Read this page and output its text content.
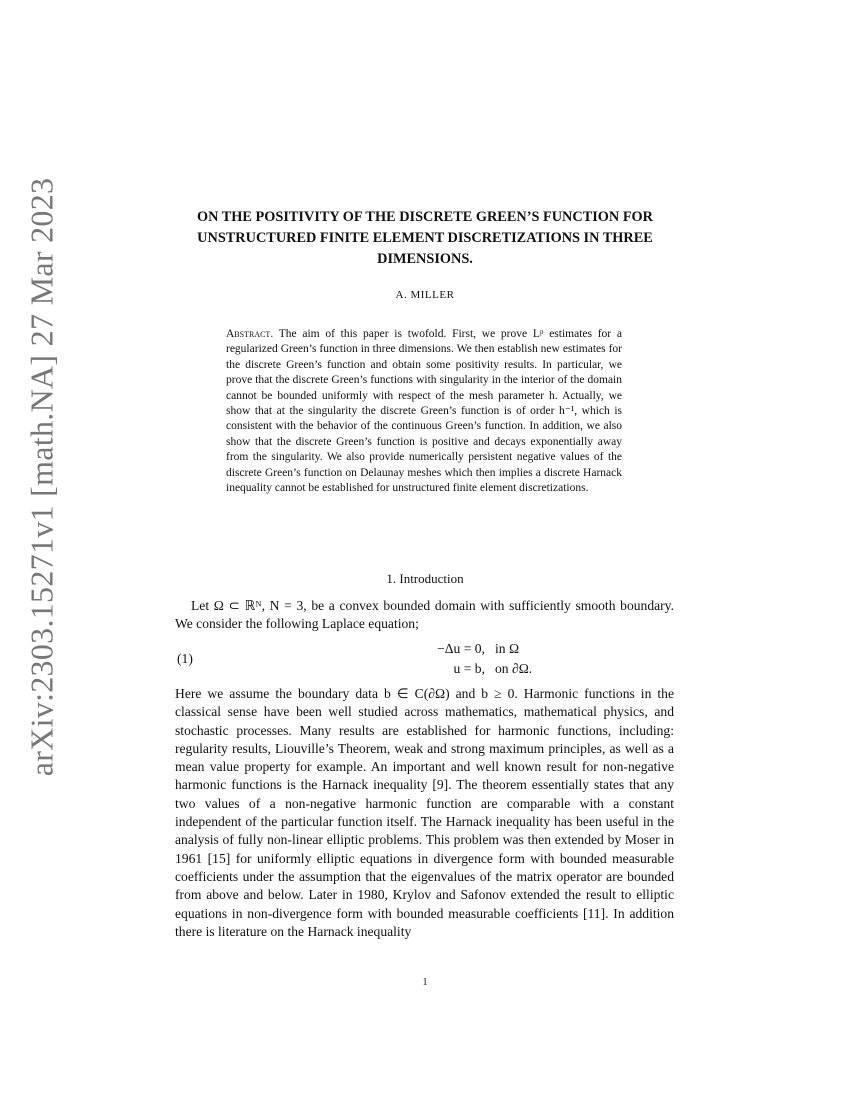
arXiv:2303.15271v1 [math.NA] 27 Mar 2023	ON THE POSITIVITY OF THE DISCRETE GREEN’S FUNCTION FOR UNSTRUCTURED FINITE ELEMENT DISCRETIZATIONS IN THREE DIMENSIONS.
A. MILLER

Abstract. The aim of this paper is twofold. First, we prove Lᵖ estimates for a regularized Green’s function in three dimensions. We then establish new estimates for the discrete Green’s function and obtain some positivity results. In particular, we prove that the discrete Green’s functions with singularity in the interior of the domain cannot be bounded uniformly with respect of the mesh parameter h. Actually, we show that at the singularity the discrete Green’s function is of order h⁻¹, which is consistent with the behavior of the continuous Green’s function. In addition, we also show that the discrete Green’s function is positive and decays exponentially away from the singularity. We also provide numerically persistent negative values of the discrete Green’s function on Delaunay meshes which then implies a discrete Harnack inequality cannot be established for unstructured finite element discretizations.

1. Introduction

Let Ω ⊂ ℝᴺ, N = 3, be a convex bounded domain with sufficiently smooth boundary. We consider the following Laplace equation;

(1)
−Δu = 0, in Ω
u = b, on ∂Ω.

Here we assume the boundary data b ∈ C(∂Ω) and b ≥ 0. Harmonic functions in the classical sense have been well studied across mathematics, mathematical physics, and stochastic processes. Many results are established for harmonic functions, including: regularity results, Liouville’s Theorem, weak and strong maximum principles, as well as a mean value property for example. An important and well known result for non-negative harmonic functions is the Harnack inequality [9]. The theorem essentially states that any two values of a non-negative harmonic function are comparable with a constant independent of the particular function itself. The Harnack inequality has been useful in the analysis of fully non-linear elliptic problems. This problem was then extended by Moser in 1961 [15] for uniformly elliptic equations in divergence form with bounded measurable coefficients under the assumption that the eigenvalues of the matrix operator are bounded from above and below. Later in 1980, Krylov and Safonov extended the result to elliptic equations in non-divergence form with bounded measurable coefficients [11]. In addition there is literature on the Harnack inequality

1
